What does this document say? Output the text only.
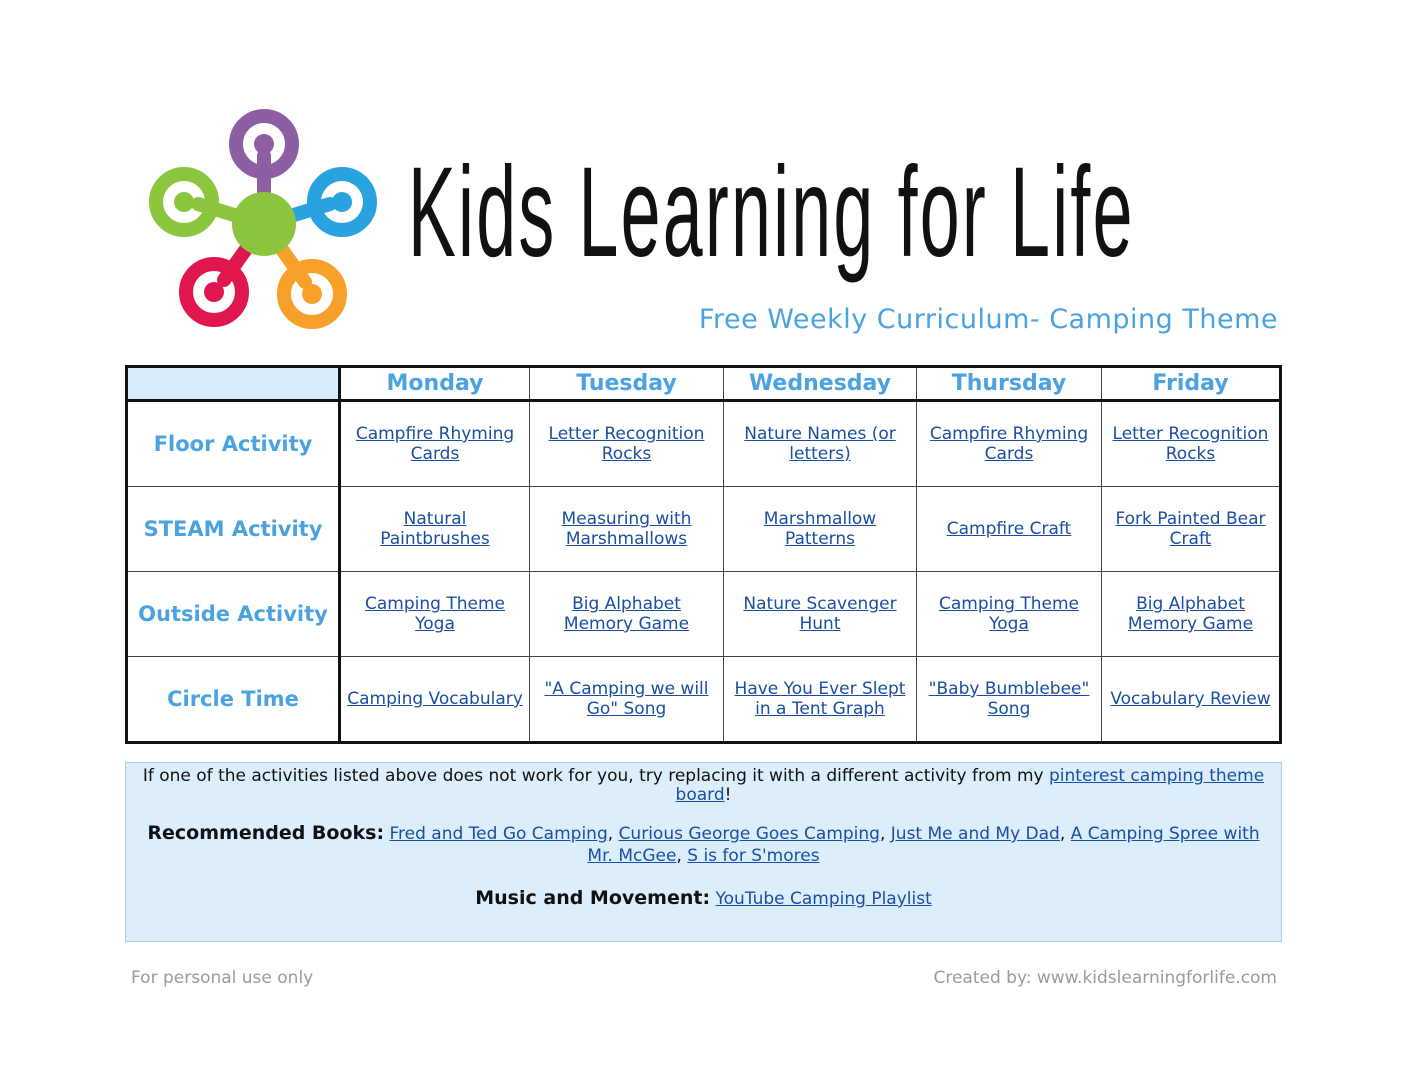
Kids Learning for Life
Free Weekly Curriculum- Camping Theme
	Monday	Tuesday	Wednesday	Thursday	Friday
Floor Activity	Campfire Rhyming Cards	Letter Recognition Rocks	Nature Names (or letters)	Campfire Rhyming Cards	Letter Recognition Rocks
STEAM Activity	Natural Paintbrushes	Measuring with Marshmallows	Marshmallow Patterns	Campfire Craft	Fork Painted Bear Craft
Outside Activity	Camping Theme Yoga	Big Alphabet Memory Game	Nature Scavenger Hunt	Camping Theme Yoga	Big Alphabet Memory Game
Circle Time	Camping Vocabulary	"A Camping we will Go" Song	Have You Ever Slept in a Tent Graph	"Baby Bumblebee" Song	Vocabulary Review

If one of the activities listed above does not work for you, try replacing it with a different activity from my pinterest camping theme board!

Recommended Books: Fred and Ted Go Camping, Curious George Goes Camping, Just Me and My Dad, A Camping Spree with Mr. McGee, S is for S'mores

Music and Movement: YouTube Camping Playlist

For personal use only	Created by: www.kidslearningforlife.com
